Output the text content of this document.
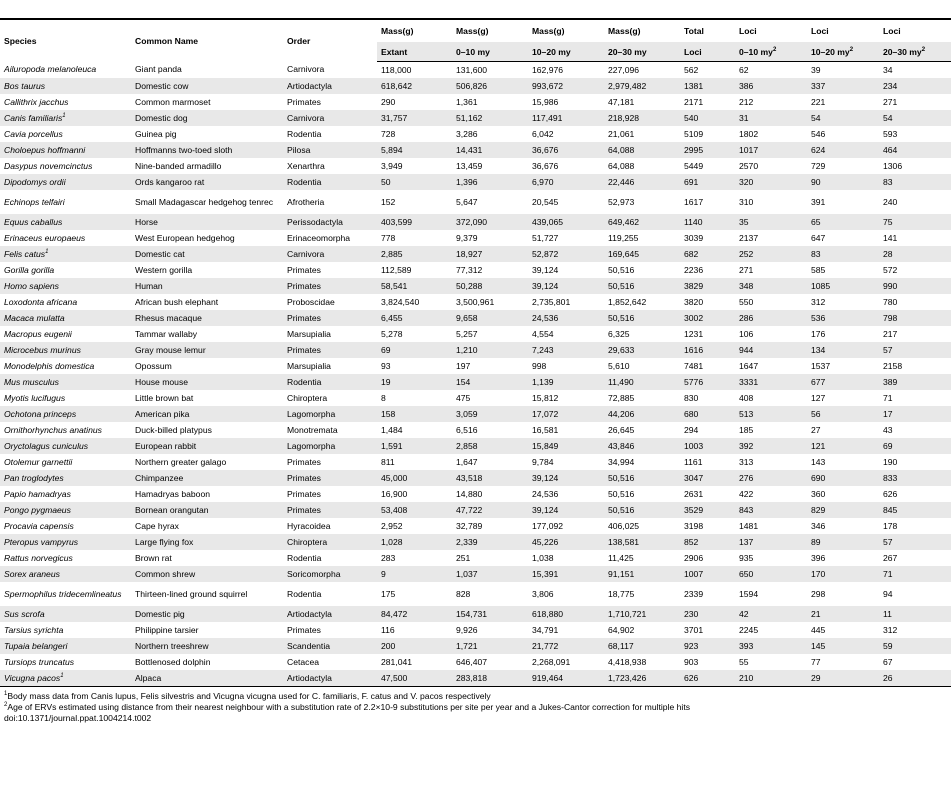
Species	Common Name	Order	Mass(g)	Mass(g)	Mass(g)	Mass(g)	Total	Loci	Loci	Loci
			Extant	0–10 my	10–20 my	20–30 my	Loci	0–10 $my^2$	10–20 $my^2$	20–30 $my^2$
Ailuropoda melanoleuca	Giant panda	Carnivora	118,000	131,600	162,976	227,096	562	62	39	34
Bos taurus	Domestic cow	Artiodactyla	618,642	506,826	993,672	2,979,482	1381	386	337	234
Callithrix jacchus	Common marmoset	Primates	290	1,361	15,986	47,181	2171	212	221	271
Canis familiaris$^1$	Domestic dog	Carnivora	31,757	51,162	117,491	218,928	540	31	54	54
Cavia porcellus	Guinea pig	Rodentia	728	3,286	6,042	21,061	5109	1802	546	593
Choloepus hoffmanni	Hoffmanns two-toed sloth	Pilosa	5,894	14,431	36,676	64,088	2995	1017	624	464
Dasypus novemcinctus	Nine-banded armadillo	Xenarthra	3,949	13,459	36,676	64,088	5449	2570	729	1306
Dipodomys ordii	Ords kangaroo rat	Rodentia	50	1,396	6,970	22,446	691	320	90	83
Echinops telfairi	Small Madagascar hedgehog tenrec	Afrotheria	152	5,647	20,545	52,973	1617	310	391	240
Equus caballus	Horse	Perissodactyla	403,599	372,090	439,065	649,462	1140	35	65	75
Erinaceus europaeus	West European hedgehog	Erinaceomorpha	778	9,379	51,727	119,255	3039	2137	647	141
Felis catus$^1$	Domestic cat	Carnivora	2,885	18,927	52,872	169,645	682	252	83	28
Gorilla gorilla	Western gorilla	Primates	112,589	77,312	39,124	50,516	2236	271	585	572
Homo sapiens	Human	Primates	58,541	50,288	39,124	50,516	3829	348	1085	990
Loxodonta africana	African bush elephant	Proboscidae	3,824,540	3,500,961	2,735,801	1,852,642	3820	550	312	780
Macaca mulatta	Rhesus macaque	Primates	6,455	9,658	24,536	50,516	3002	286	536	798
Macropus eugenii	Tammar wallaby	Marsupialia	5,278	5,257	4,554	6,325	1231	106	176	217
Microcebus murinus	Gray mouse lemur	Primates	69	1,210	7,243	29,633	1616	944	134	57
Monodelphis domestica	Opossum	Marsupialia	93	197	998	5,610	7481	1647	1537	2158
Mus musculus	House mouse	Rodentia	19	154	1,139	11,490	5776	3331	677	389
Myotis lucifugus	Little brown bat	Chiroptera	8	475	15,812	72,885	830	408	127	71
Ochotona princeps	American pika	Lagomorpha	158	3,059	17,072	44,206	680	513	56	17
Ornithorhynchus anatinus	Duck-billed platypus	Monotremata	1,484	6,516	16,581	26,645	294	185	27	43
Oryctolagus cuniculus	European rabbit	Lagomorpha	1,591	2,858	15,849	43,846	1003	392	121	69
Otolemur garnettii	Northern greater galago	Primates	811	1,647	9,784	34,994	1161	313	143	190
Pan troglodytes	Chimpanzee	Primates	45,000	43,518	39,124	50,516	3047	276	690	833
Papio hamadryas	Hamadryas baboon	Primates	16,900	14,880	24,536	50,516	2631	422	360	626
Pongo pygmaeus	Bornean orangutan	Primates	53,408	47,722	39,124	50,516	3529	843	829	845
Procavia capensis	Cape hyrax	Hyracoidea	2,952	32,789	177,092	406,025	3198	1481	346	178
Pteropus vampyrus	Large flying fox	Chiroptera	1,028	2,339	45,226	138,581	852	137	89	57
Rattus norvegicus	Brown rat	Rodentia	283	251	1,038	11,425	2906	935	396	267
Sorex araneus	Common shrew	Soricomorpha	9	1,037	15,391	91,151	1007	650	170	71
Spermophilus tridecemlineatus	Thirteen-lined ground squirrel	Rodentia	175	828	3,806	18,775	2339	1594	298	94
Sus scrofa	Domestic pig	Artiodactyla	84,472	154,731	618,880	1,710,721	230	42	21	11
Tarsius syrichta	Philippine tarsier	Primates	116	9,926	34,791	64,902	3701	2245	445	312
Tupaia belangeri	Northern treeshrew	Scandentia	200	1,721	21,772	68,117	923	393	145	59
Tursiops truncatus	Bottlenosed dolphin	Cetacea	281,041	646,407	2,268,091	4,418,938	903	55	77	67
Vicugna pacos$^1$	Alpaca	Artiodactyla	47,500	283,818	919,464	1,723,426	626	210	29	26
$^1$Body mass data from Canis lupus, Felis silvestris and Vicugna vicugna used for C. familiaris, F. catus and V. pacos respectively
$^2$Age of ERVs estimated using distance from their nearest neighbour with a substitution rate of 2.2×10-9 substitutions per site per year and a Jukes-Cantor correction for multiple hits
doi:10.1371/journal.ppat.1004214.t002
